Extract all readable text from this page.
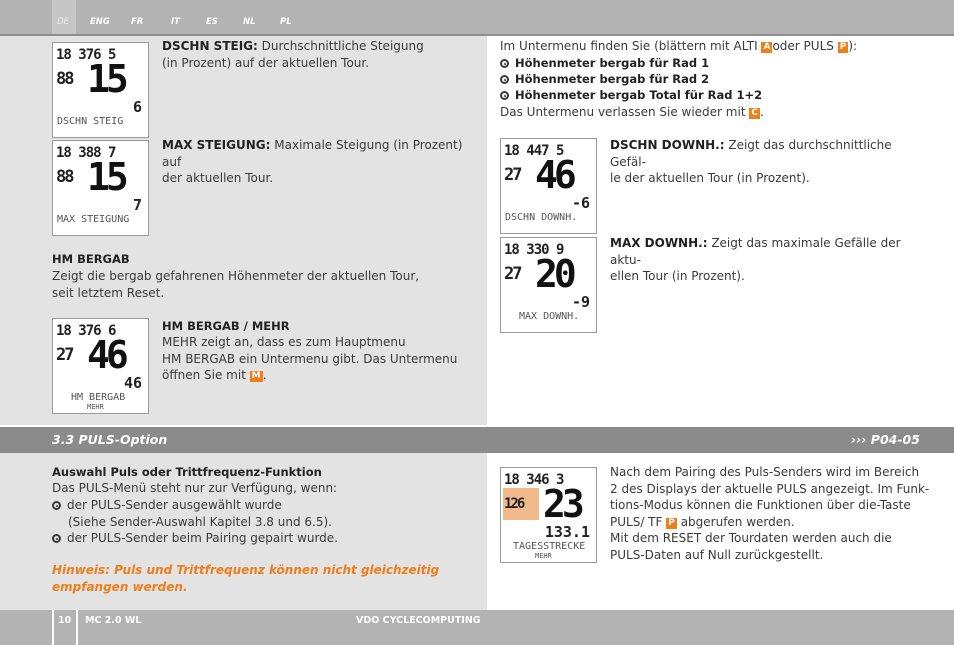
DE ENG FR	IT	ES	NL	PL
18 376 5
88 15
6
DSCHN STEIG
DSCHN STEIG: Durchschnittliche Steigung
(in Prozent) auf der aktuellen Tour.
18 388 7
88 15
7
MAX STEIGUNG
MAX STEIGUNG: Maximale Steigung (in Prozent) auf
der aktuellen Tour.
HM BERGAB
Zeigt die bergab gefahrenen Höhenmeter der aktuellen Tour,
seit letztem Reset.
18 376 6
27 46
46
HM BERGAB
MEHR
HM BERGAB / MEHR
MEHR zeigt an, dass es zum Hauptmenu
HM BERGAB ein Untermenu gibt. Das Untermenu
öffnen Sie mit M .
Im Untermenu finden Sie (blättern mit ALTI A oder PULS P ):
Höhenmeter bergab für Rad 1
Höhenmeter bergab für Rad 2
Höhenmeter bergab Total für Rad 1+2
Das Untermenu verlassen Sie wieder mit C .
18 447 5
27 46
-6
DSCHN DOWNH.
DSCHN DOWNH.: Zeigt das durchschnittliche Gefäl-
le der aktuellen Tour (in Prozent).
18 330 9
27 20
-9
MAX DOWNH.
MAX DOWNH.: Zeigt das maximale Gefälle der aktu-
ellen Tour (in Prozent).
3.3 PULS-Option	››› P04-05
Auswahl Puls oder Trittfrequenz-Funktion
Das PULS-Menü steht nur zur Verfügung, wenn:
der PULS-Sender ausgewählt wurde
(Siehe Sender-Auswahl Kapitel 3.8 und 6.5).
der PULS-Sender beim Pairing gepairt wurde.
Hinweis: Puls und Trittfrequenz können nicht gleichzeitig
empfangen werden.
18 346 3
126 23
133.1
TAGESSTRECKE
MEHR
Nach dem Pairing des Puls-Senders wird im Bereich
2 des Displays der aktuelle PULS angezeigt. Im Funk-
tions-Modus können die Funktionen über die-Taste
PULS/ TF P abgerufen werden.
Mit dem RESET der Tourdaten werden auch die
PULS-Daten auf Null zurückgestellt.
10 MC 2.0 WL	VDO CYCLECOMPUTING
